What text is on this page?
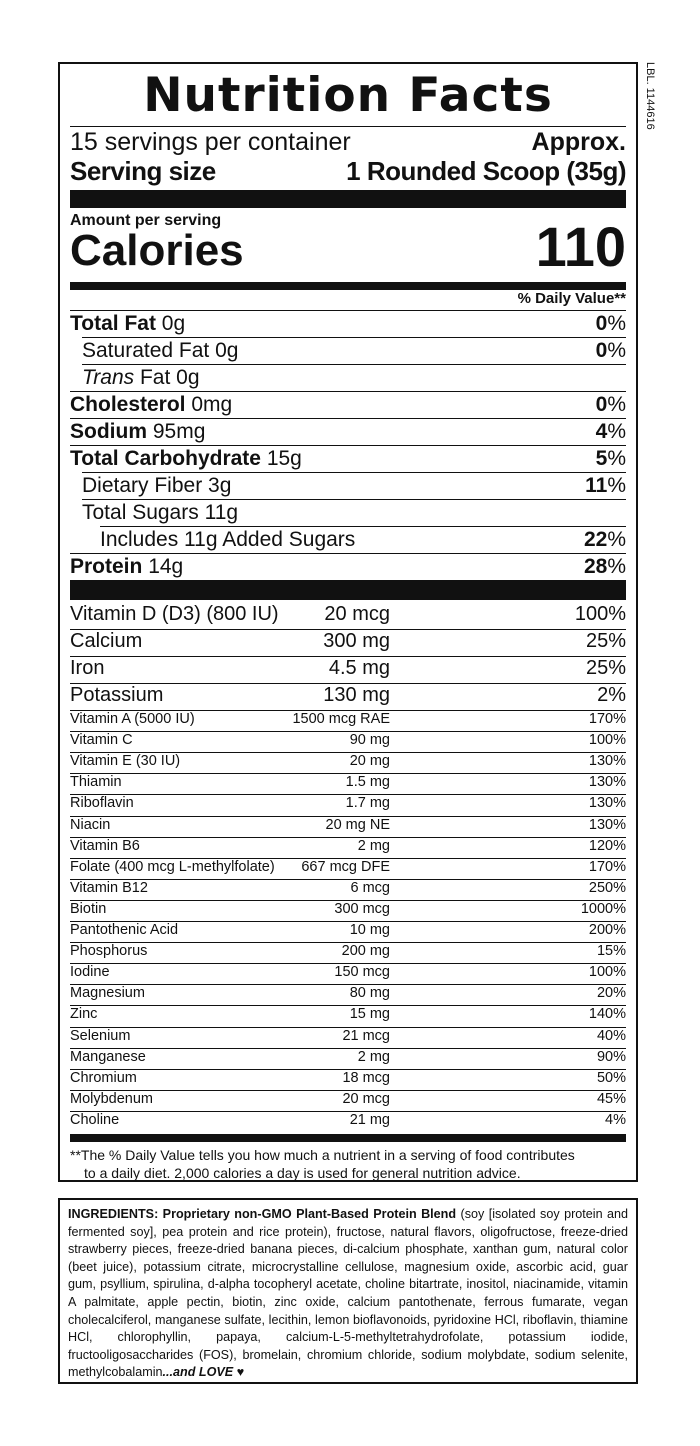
LBL. 1144616
Nutrition Facts
15 servings per container	Approx.
Serving size	1 Rounded Scoop (35g)
Amount per serving
Calories	110
% Daily Value**
Total Fat 0g	0%
Saturated Fat 0g	0%
Trans Fat 0g
Cholesterol 0mg	0%
Sodium 95mg	4%
Total Carbohydrate 15g	5%
Dietary Fiber 3g	11%
Total Sugars 11g
Includes 11g Added Sugars	22%
Protein 14g	28%
Vitamin D (D3) (800 IU) 20 mcg	100%
Calcium	300 mg	25%
Iron	4.5 mg	25%
Potassium	130 mg	2%
Vitamin A (5000 IU)	1500 mcg RAE	170%
Vitamin C	90 mg	100%
Vitamin E (30 IU)	20 mg	130%
Thiamin	1.5 mg	130%
Riboflavin	1.7 mg	130%
Niacin	20 mg NE	130%
Vitamin B6	2 mg	120%
Folate (400 mcg L-methylfolate) 667 mcg DFE	170%
Vitamin B12	6 mcg	250%
Biotin	300 mcg	1000%
Pantothenic Acid	10 mg	200%
Phosphorus	200 mg	15%
Iodine	150 mcg	100%
Magnesium	80 mg	20%
Zinc	15 mg	140%
Selenium	21 mcg	40%
Manganese	2 mg	90%
Chromium	18 mcg	50%
Molybdenum	20 mcg	45%
Choline	21 mg	4%
**The % Daily Value tells you how much a nutrient in a serving of food contributes
to a daily diet. 2,000 calories a day is used for general nutrition advice.
INGREDIENTS: Proprietary non-GMO Plant-Based Protein Blend (soy [isolated soy protein and fermented soy], pea protein and rice protein), fructose, natural flavors, oligofructose, freeze-dried strawberry pieces, freeze-dried banana pieces, di-calcium phosphate, xanthan gum, natural color (beet juice), potassium citrate, microcrystalline cellulose, magnesium oxide, ascorbic acid, guar gum, psyllium, spirulina, d-alpha tocopheryl acetate, choline bitartrate, inositol, niacinamide, vitamin A palmitate, apple pectin, biotin, zinc oxide, calcium pantothenate, ferrous fumarate, vegan cholecalciferol, manganese sulfate, lecithin, lemon bioflavonoids, pyridoxine HCl, riboflavin, thiamine HCl, chlorophyllin, papaya, calcium-L-5-methyltetrahydrofolate, potassium iodide, fructooligosaccharides (FOS), bromelain, chromium chloride, sodium molybdate, sodium selenite, methylcobalamin...and LOVE ♥
